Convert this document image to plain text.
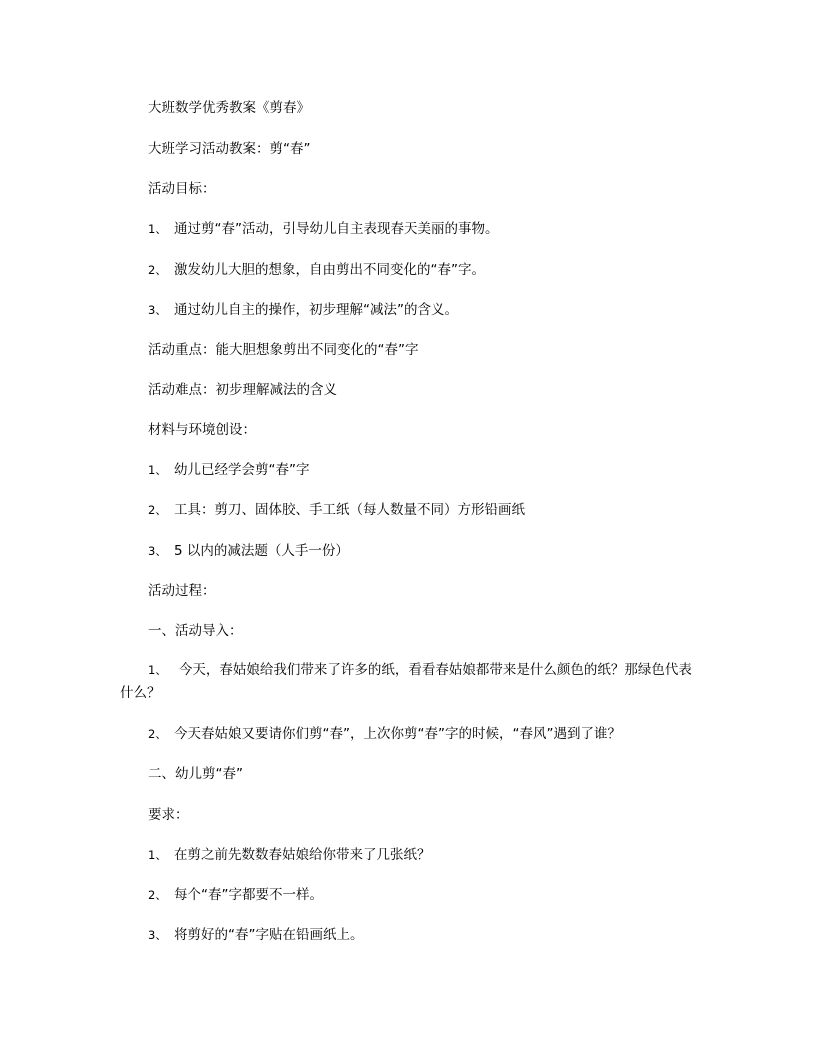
大班数学优秀教案《剪春》
大班学习活动教案：剪“春”
活动目标：
1、 通过剪“春”活动，引导幼儿自主表现春天美丽的事物。
2、 激发幼儿大胆的想象，自由剪出不同变化的“春”字。
3、 通过幼儿自主的操作，初步理解“减法”的含义。
活动重点：能大胆想象剪出不同变化的“春”字
活动难点：初步理解减法的含义
材料与环境创设：
1、 幼儿已经学会剪“春”字
2、 工具：剪刀、固体胶、手工纸（每人数量不同）方形铅画纸
3、 5 以内的减法题（人手一份）
活动过程：
一、活动导入：
1、 今天，春姑娘给我们带来了许多的纸，看看春姑娘都带来是什么颜色的纸？那绿色代表什么？
2、 今天春姑娘又要请你们剪“春”，上次你剪“春”字的时候，“春风”遇到了谁？
二、幼儿剪“春”
要求：
1、 在剪之前先数数春姑娘给你带来了几张纸？
2、 每个“春”字都要不一样。
3、 将剪好的“春”字贴在铅画纸上。
